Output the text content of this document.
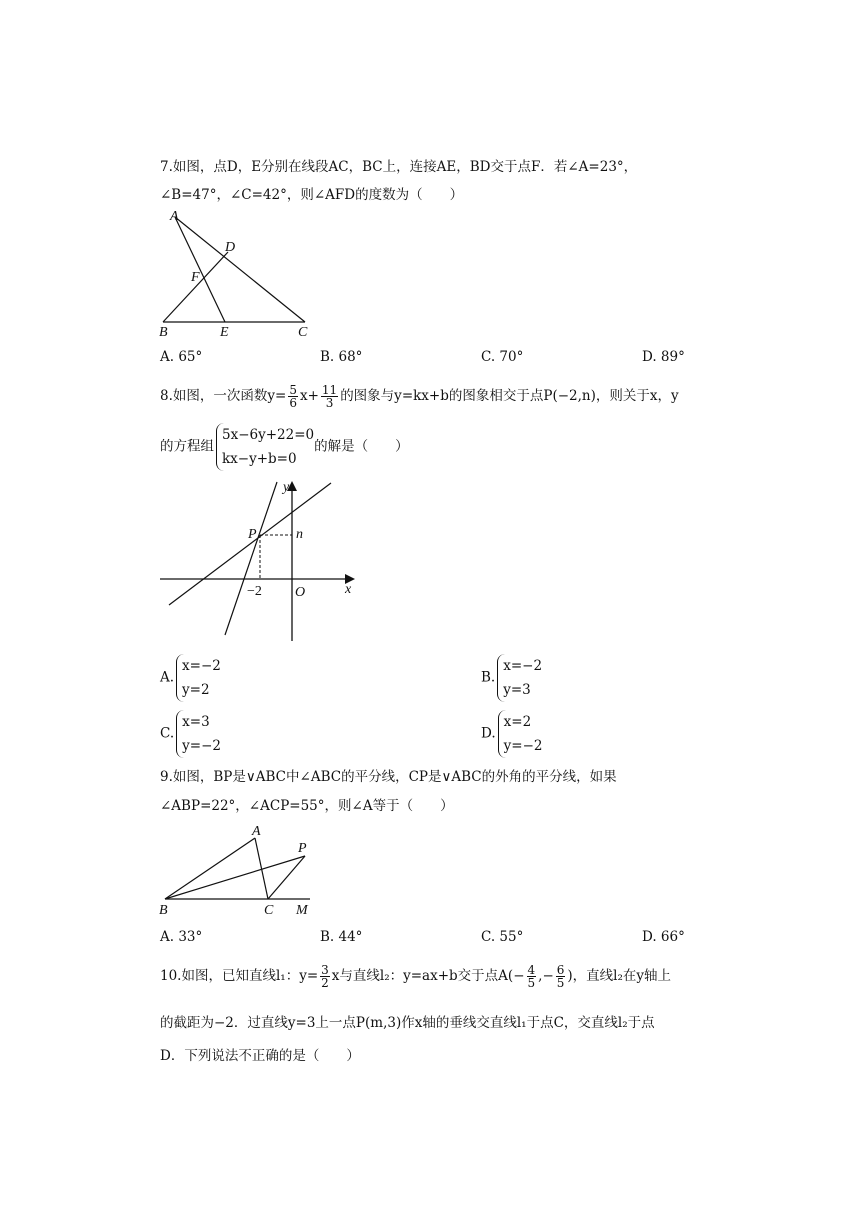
7.如图，点D，E分别在线段AC，BC上，连接AE，BD交于点F．若∠A=23°，
∠B=47°，∠C=42°，则∠AFD的度数为（　　）
A
D
F
B	E	C
A. 65°	B. 68°	C. 70°	D. 89°
8.如图，一次函数$y= \frac{5}{6} x+ \frac{11}{3}$ 的图象与y=kx+b的图象相交于点P(−2,n)，则关于x，y
的方程组
5x−6y+22=0
kx−y+b=0
的解是（　　）
y
x
P	n
−2 O
A.
x=−2
y=2
B.
x=−2
y=3
C.
x=3
y=−2
D.
x=2
y=−2
9.如图，BP是∨ABC中∠ABC的平分线，CP是∨ABC的外角的平分线，如果
∠ABP=22°，∠ACP=55°，则∠A等于（　　）
A
P
B	C M
A. 33°	B. 44°	C. 55°	D. 66°
10.如图，已知直线l₁：$y= \frac{3}{2}$ x与直线l₂：y=ax+b交于点$A(- \frac{4}{5}$ ,− $\frac{6}{5}$ )，直线l₂在y轴上
的截距为−2．过直线y=3上一点P(m,3)作x轴的垂线交直线l₁于点C，交直线l₂于点
D．下列说法不正确的是（　　）
